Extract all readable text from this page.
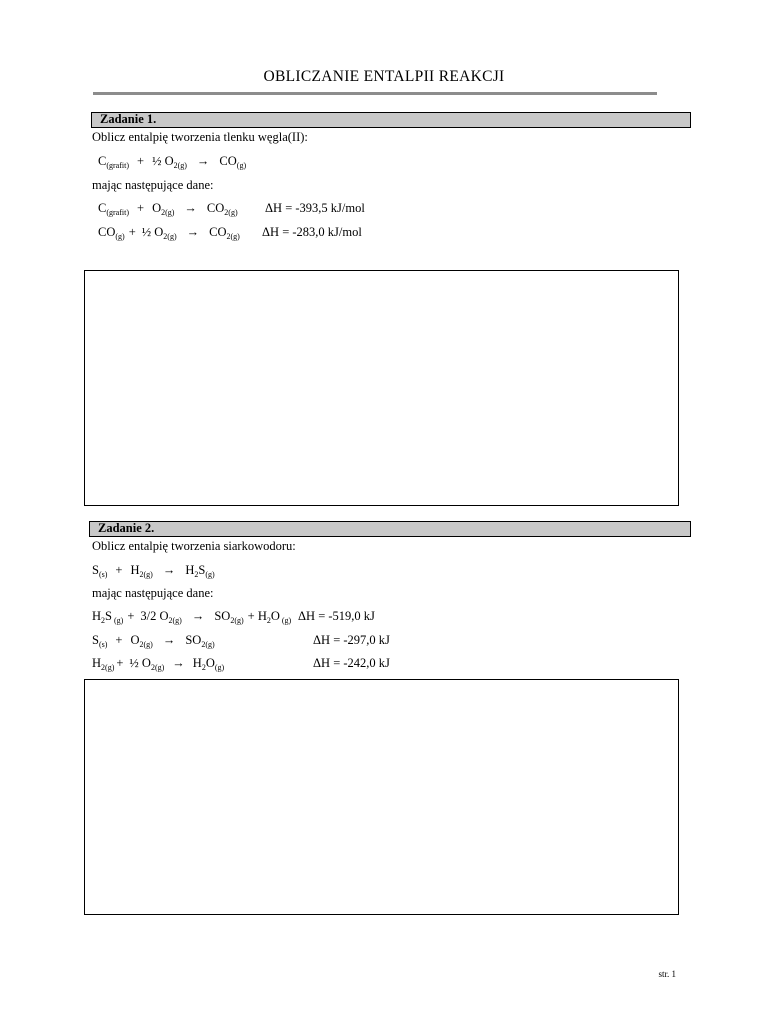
OBLICZANIE ENTALPII REAKCJI
Zadanie 1.
Oblicz entalpię tworzenia tlenku węgla(II):
$C_{(grafit)}$ + ½ $O_{2(g)} \to CO_{(g)}$
mając następujące dane:
$C_{(grafit)} + O_{2(g)} \to CO_{2(g)}$ ΔH = -393,5 kJ/mol
$CO_{(g)}$ + ½ $O_{2(g)} \to CO_{2(g)}$ ΔH = -283,0 kJ/mol
Zadanie 2.
Oblicz entalpię tworzenia siarkowodoru:
$S_{(s)} + H_{2(g)} \to H_2S_{(g)}$
mając następujące dane:
$H_2S$ $_{(g)}$ + 3/2 $O_{2(g)} \to SO_{2(g)} + H_2O$ $_{(g)}$ ΔH = -519,0 kJ
$S_{(s)} + O_{2(g)} \to SO_{2(g)}$	ΔH = -297,0 kJ
$H_{2(g)}$ + ½ $O_{2(g)} \to H_2O_{(g)}$	ΔH = -242,0 kJ
str. 1
